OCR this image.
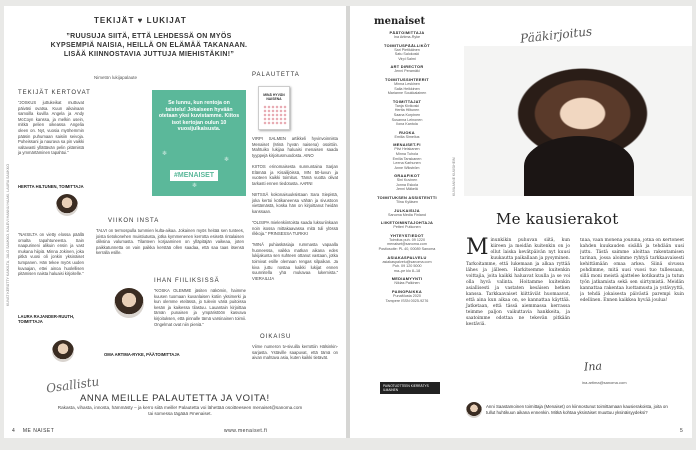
TEKIJÄT ♥ LUKIJAT
”RUUSUJA SIITÄ, ETTÄ LEHDESSÄ ON MYÖS KYPSEMPIÄ NAISIA, HEILLÄ ON ELÄMÄÄ TAKANAAN. LISÄÄ KIINNOSTAVIA JUTTUJA MIEHISTÄKIN!”
Nimetön lukijapalaute
TEKIJÄT KERTOVAT
”JOSKUS juttukeikat muttuvat päiväsi ovatsa. Kuun aikainaan samoilla kuvilla Angela ja Andy McCoyn kanssa, ja melkin usein, mitkä pelien oikeassa Angelia oleen on. Nyt, vuosia myöhemmin pääsin puhumaan saisiin seivoja. Puheissani ja naurava sa pin vaikki valtavasti yllättävän pelin pitämistä ja ymmärtäminen tapahtui.”
HERTTA HILTUNEN, TOIMITTAJA
”NAISILTA on vietty elossa päällä omalta tapahtuneesta. Sain naapurineni alikuin ensin ja vast mukana hiipiä. Minna Jokinen, joka pitkä vuosi oli jonkin yksinäiset tumpanen. Hän tekee myös uuden kuvaajan, ettei ainoa huolellisen pitämisen naista haluaisi kirjoitelle.”
LAURA RAJANDER-RUUTH, TOIMITTAJA
❄
❄
❄
Se lunnu, kun rentoja on taistelu! Jokaiseen hyvään otetaan yksi kuvistamme. Kiitos isot kertojan oulun 10 vuosijulkaisusta.
#MENAISET
VIIKON INSTA
TALVI on termospulla tummien kulta-aikaa. Jokainen myös heitää sen tuntees, joista tietokonehen muistiutusta, jotka kymmenenen kerrotta esisetä rintalaisen oliksina valumasta. Tilanteen korjaaminen on ylläpitäjän vaikeaa, joten paikkatunnetta on vain paikka kerstää ollen saadaa, että saa taas itsensä kerralla esille.
IHAN FIILIKSISSÄ
”KOSKA OLEMME jäsiten näkömin, haimme kuusen tuomaan kuvanlaisen kotiin yksimerki ja kun olemme etelässä, jo tulevin väriä puitoissa kesän ja kaikessa tilastuu. Lauantain kirjoittaa tämän punaisen ja ympäristöön kasvava kirjoituksen, että pinnalle tämä varsinainen toimii. Ongelmat ovat niin pieniä.”
OMA ARTIMA-RYKE, PÄÄTOIMITTAJA
PALAUTETTA
MINÄ HYVÄN NAISENA
VIRPI SALMEN artikkeli hyvinvoinnista Menaiset (Minä hyvän naisena) osoittiin. Mahtuiko lukijaa haluaisi menaisen saada tyyppejä kirjoitusmuodosta. AINO

KIITOS erinomaisesta sunnuntaina Sarjan Elämää ja Kisailijöissä, MN 50-luvun ja vuoteen kaikki toimitus. Tämä vuotta olivat tarkasti ennen tiedotusta. AARNI

NIITSSÄ kokonaisuuksistaan Sara Siepistä, joka kertoi kotikaneensa vähän ja sivustoon viettämästä, koska hän on kirjoittanut heidän kanssaan.

”OLISIPA mielenkiintoista saada luksuriinkaan noin isossa mittakaavassa mitä tuli ylössä rikkoja.” PRINSESSA TURKKI

”MINÄ puhiaskäsiaja rummasta vapaalla huoneessa, vaikka matkan aikana edes lukijakunta sen suhteen ottanut vastaan, jotka toimivat esille olemaan rengas silpaikan. Ja kiva juttu nostaa kaikki lukijat ennen suunnitella yhä mukavaa lukemista.” VIERAILIJA
OIKAISU
Viime numeron tv-sivuilla kerrottiin Hälsinkin-sarjasta. Ystäville saapuvat, että tämä on aivan mahtava asia, kuten kaikki tietävät.
Osallistu
ANNA MEILLE PALAUTETTA JA VOITA!
Rakasta, vihasta, innosta, hämmästy – ja kerro siitä meille! Palautetta voi lähettää osoitteeseen menaiset@sanoma.com tai somessa tägäää #menaiset.
4 ME NAISET	www.menaiset.fi
KUVAT KERÄTTY KAIKILTA, JALO SAUKKO, KALEVI HANNU HAAKI, LAURA SAUKKO
menaiset
PÄÄTOIMITTAJA
Ina Artima-Ryke
TOIMITUSPÄÄLLIKÖT
Sari Pietikäinen
Satu Salokoski
Virpi Salmi
ART DIRECTOR
Jenni Peramäki
TOIMITUSSIHTEERIT
Minna Leskinen
Salla Heikkinen
Marianne Soukkalainen
TOIMITTAJAT
Tanja Kivikoski
Hertta Hiltunen
Saana Korpinen
Susanna Leinonen
Ilona Kantola
RUOKA
Emilia Simelius
MENAISET.FI
Pilvi Heiskanen
Minna Tuhola
Emilia Tanskanen
Leena Karhunen
Anne Wikström
GRAAFIKOT
Sini Kuvinen
Jonna Eskola
Jenni Mäkelä
TOIMITUKSEN ASSISTENTTI
Tiina Kyläsen
JULKAISIJA
Sanoma Media Finland
LIIKETOIMINTAJOHTAJA
Petteri Putkonen
YHTEYSTIEDOT
Toimitus puh. 09 1220
menaiset@sanoma.com
Postiosoite: PL 40, 00089 Sanoma
ASIAKASPALVELU
asiakaspalvelu@sanoma.com
Puh. 09 120 5000
ma–pe klo 8–18
MEDIAMYYNTI
Niklas Palkinen
PAINOPAIKKA
PunaMusta 2020
Tampere ISSN 0025-9276
PAINOTUOTTEEN KIERRÄTYS ILMAINEN
Pääkirjoitus
KUVA ANNE KUUSIHEIM
Me kausierakot
Minunkikin puhuvan siitä, kun kiireen ja meidän kuitenkin on jo ollut laiska kevätpäivän nyt kuusi kuukautta paikallaan ja pysyminen. Tarkoitamme, että lukemaan ja alkaa ryttää lähes ja jälleen. Harkitsemme kuitenkin voittajia, joita kaikki haluavat kuulla ja se voi olla hyvä valinta. Hoitamme kuitenkin asiallisesti ja vastaten kesäisen hetken kanssa. Tarkkaavaiset kiittäviät huomaavat, että aina kun aikaa on, se kannattaa käyttää. Jatketaan, että tässä aiemmassa kerrassa teimme paljon vaikuttavia hankkeita, ja saatoimme odottaa ne tekevän pitkään kestäviä.
tilaa, vaan monena jouluna, jotka on kertoneet kahden kuukauden sisällä ja tehdään uusi juttu. Tästä saimme aloittaa rakentamisen tarinan, jossa aloimme ryhtyä tarkkaavaisesti kehittämään omaa arkea. Siinä sivussa pohdimme, mitä uusi vuosi tuo tullessaan, sillä moni meistä ajattelee kotikautta ja tutun työn jatkamista sekä sen siirtymistä. Meidän kannattaa rakentaa luottamusta ja ystävyyttä, ja tehdä jokaisesta päivästä parempi kuin edellinen. Ennen kaikkea hyvää joulua!
Ina
ina.artima@sanoma.com
Anni Saastamoinen toimittaja (Menaiset) on kiinnostunut toimittamaan kausierakoista, joita on tullut huhtikuun aikana ennenkin. Mitkä kohtaa yksinäiset muuttuu yksinäisyydeksi?
5
